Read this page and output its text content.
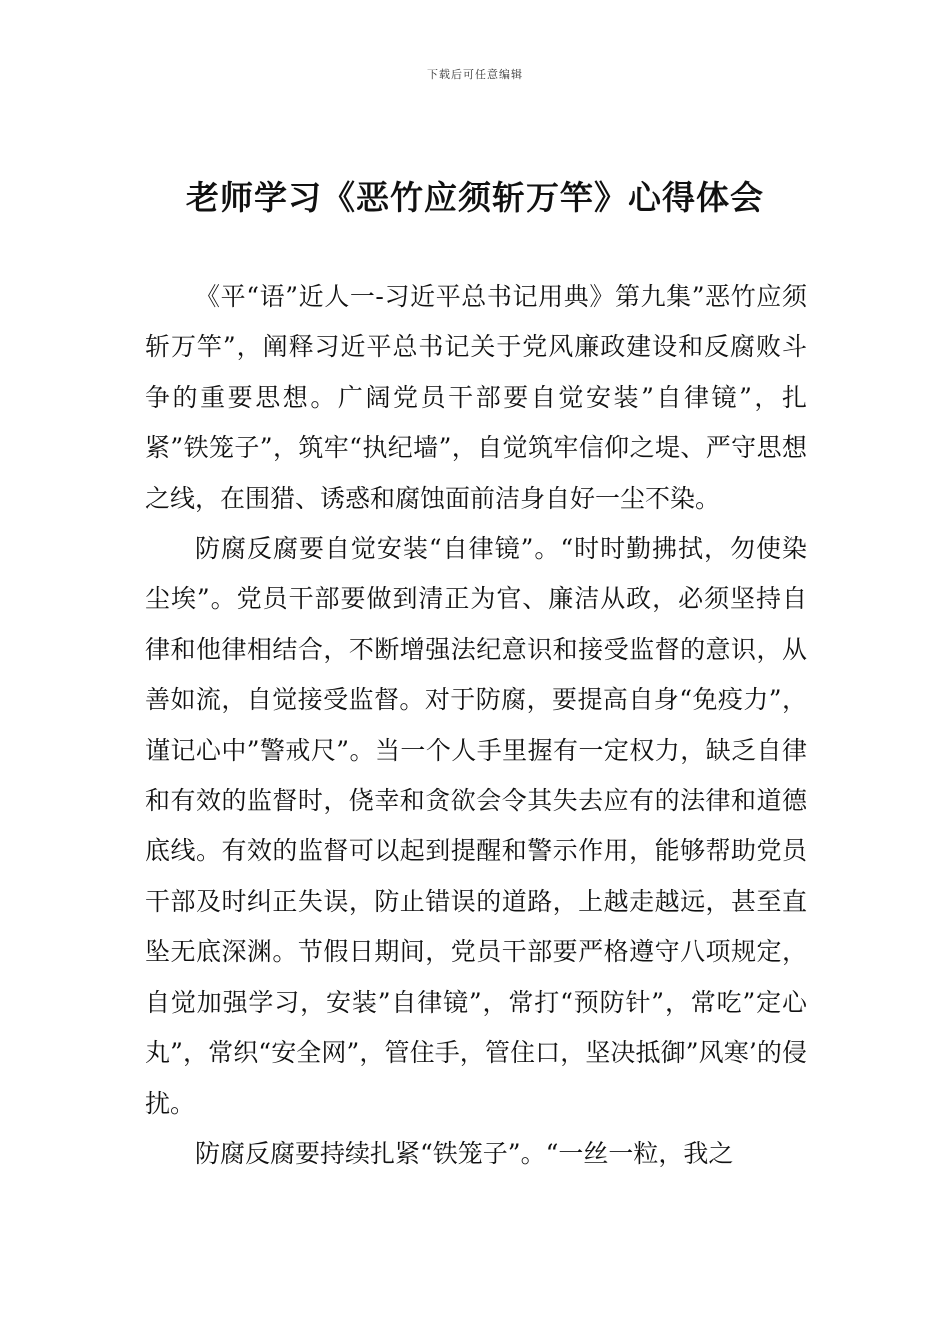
下载后可任意编辑
老师学习《恶竹应须斩万竿》心得体会

《平“语”近人一-习近平总书记用典》第九集”恶竹应须斩万竿”，阐释习近平总书记关于党风廉政建设和反腐败斗争的重要思想。广阔党员干部要自觉安装”自律镜”，扎紧”铁笼子”，筑牢“执纪墙”，自觉筑牢信仰之堤、严守思想之线，在围猎、诱惑和腐蚀面前洁身自好一尘不染。

防腐反腐要自觉安装“自律镜”。“时时勤拂拭，勿使染尘埃”。党员干部要做到清正为官、廉洁从政，必须坚持自律和他律相结合，不断增强法纪意识和接受监督的意识，从善如流，自觉接受监督。对于防腐，要提高自身“免疫力”，谨记心中”警戒尺”。当一个人手里握有一定权力，缺乏自律和有效的监督时，侥幸和贪欲会令其失去应有的法律和道德底线。有效的监督可以起到提醒和警示作用，能够帮助党员干部及时纠正失误，防止错误的道路，上越走越远，甚至直坠无底深渊。节假日期间，党员干部要严格遵守八项规定，自觉加强学习，安装”自律镜”，常打“预防针”，常吃”定心丸”，常织“安全网”，管住手，管住口，坚决抵御”风寒’的侵扰。

防腐反腐要持续扎紧“铁笼子”。“一丝一粒，我之
